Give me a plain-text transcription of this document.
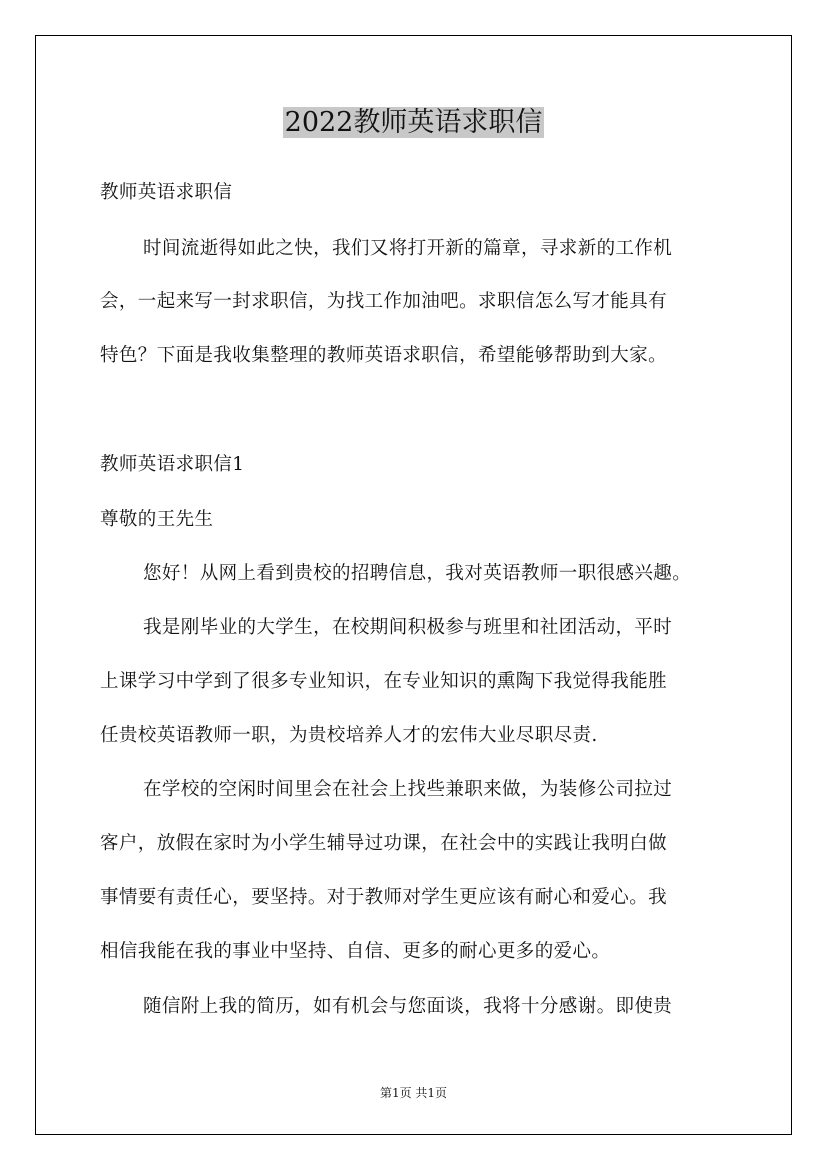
2022教师英语求职信

教师英语求职信

时间流逝得如此之快，我们又将打开新的篇章，寻求新的工作机

会，一起来写一封求职信，为找工作加油吧。求职信怎么写才能具有

特色？下面是我收集整理的教师英语求职信，希望能够帮助到大家。

教师英语求职信1

尊敬的王先生

您好！从网上看到贵校的招聘信息，我对英语教师一职很感兴趣。

我是刚毕业的大学生，在校期间积极参与班里和社团活动，平时

上课学习中学到了很多专业知识，在专业知识的熏陶下我觉得我能胜

任贵校英语教师一职，为贵校培养人才的宏伟大业尽职尽责.

在学校的空闲时间里会在社会上找些兼职来做，为装修公司拉过

客户，放假在家时为小学生辅导过功课，在社会中的实践让我明白做

事情要有责任心，要坚持。对于教师对学生更应该有耐心和爱心。我

相信我能在我的事业中坚持、自信、更多的耐心更多的爱心。

随信附上我的简历，如有机会与您面谈，我将十分感谢。即使贵

第1页 共1页
